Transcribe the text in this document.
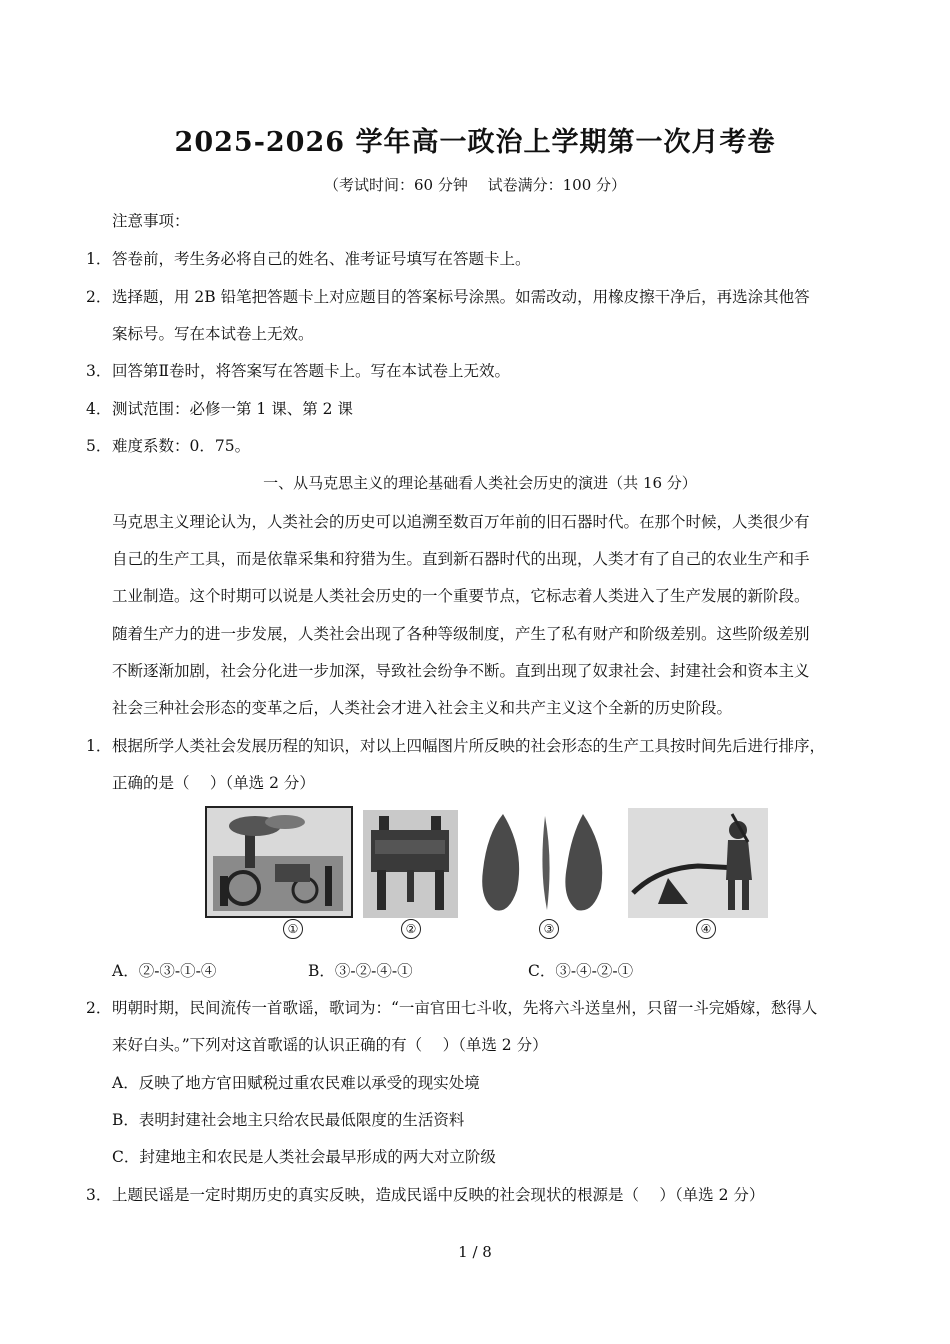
2025-2026 学年高一政治上学期第一次月考卷
（考试时间：60 分钟　 试卷满分：100 分）
注意事项：
1． 答卷前，考生务必将自己的姓名、准考证号填写在答题卡上。
2． 选择题，用 2B 铅笔把答题卡上对应题目的答案标号涂黑。如需改动，用橡皮擦干净后，再选涂其他答
案标号。写在本试卷上无效。
3． 回答第Ⅱ卷时，将答案写在答题卡上。写在本试卷上无效。
4． 测试范围：必修一第 1 课、第 2 课
5． 难度系数：0．75。
一、从马克思主义的理论基础看人类社会历史的演进（共 16 分）
马克思主义理论认为，人类社会的历史可以追溯至数百万年前的旧石器时代。在那个时候，人类很少有
自己的生产工具，而是依靠采集和狩猎为生。直到新石器时代的出现，人类才有了自己的农业生产和手
工业制造。这个时期可以说是人类社会历史的一个重要节点，它标志着人类进入了生产发展的新阶段。
随着生产力的进一步发展，人类社会出现了各种等级制度，产生了私有财产和阶级差别。这些阶级差别
不断逐渐加剧，社会分化进一步加深，导致社会纷争不断。直到出现了奴隶社会、封建社会和资本主义
社会三种社会形态的变革之后，人类社会才进入社会主义和共产主义这个全新的历史阶段。
1． 根据所学人类社会发展历程的知识，对以上四幅图片所反映的社会形态的生产工具按时间先后进行排序，
正确的是（　 ）（单选 2 分）
①	②	③	④
A．②-③-①-④	B．③-②-④-①	C．③-④-②-①
2． 明朝时期，民间流传一首歌谣，歌词为：“一亩官田七斗收，先将六斗送皇州，只留一斗完婚嫁，愁得人
来好白头。”下列对这首歌谣的认识正确的有（　 ）（单选 2 分）
A．反映了地方官田赋税过重农民难以承受的现实处境
B．表明封建社会地主只给农民最低限度的生活资料
C．封建地主和农民是人类社会最早形成的两大对立阶级
3． 上题民谣是一定时期历史的真实反映，造成民谣中反映的社会现状的根源是（　 ）（单选 2 分）
1 / 8
